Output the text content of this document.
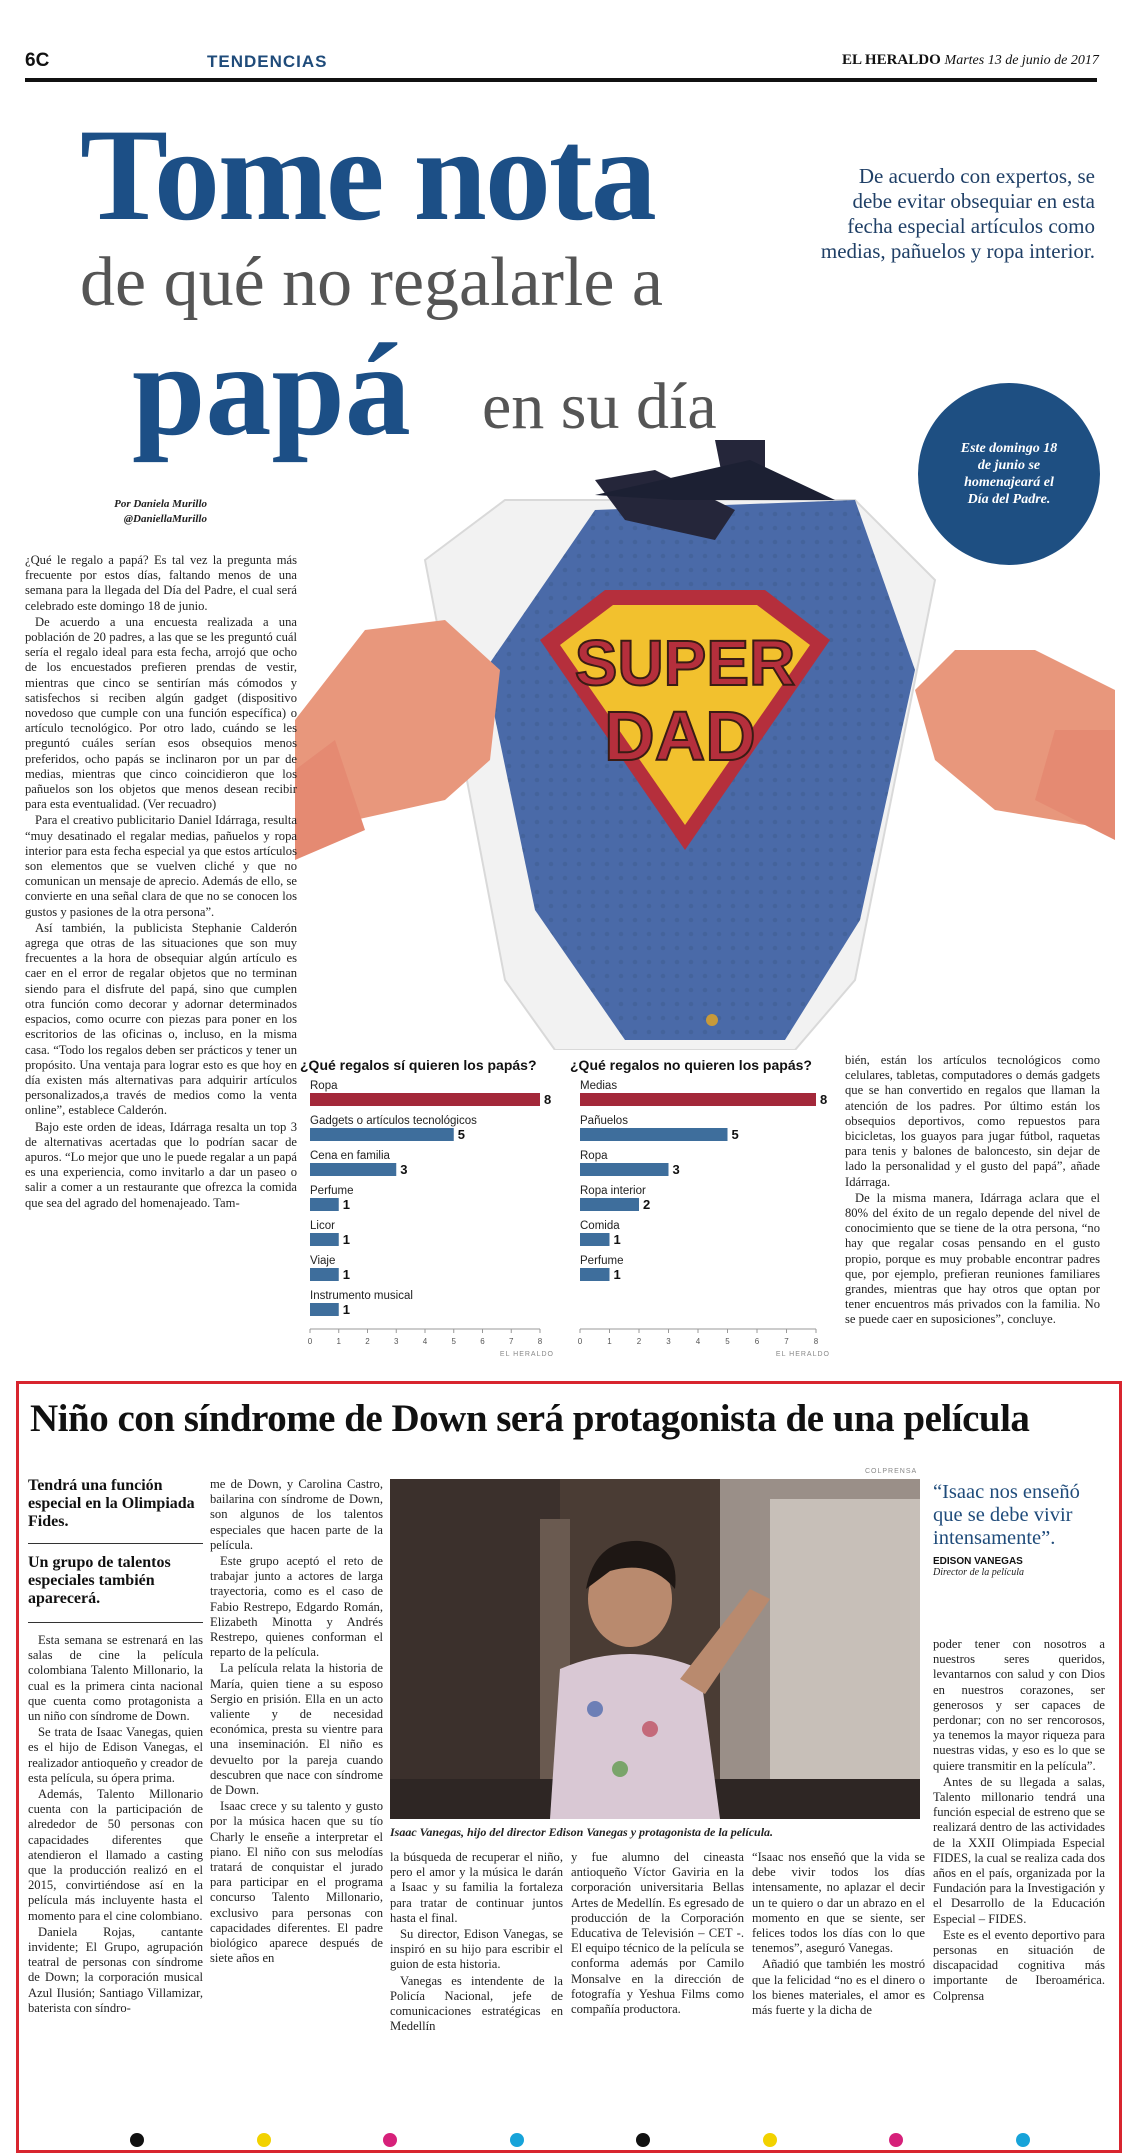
6C	TENDENCIAS	EL HERALDO Martes 13 de junio de 2017
Tome nota
de qué no regalarle a
papá en su día
De acuerdo con expertos, se debe evitar obsequiar en esta fecha especial artículos como medias, pañuelos y ropa interior.
Este domingo 18 de junio se homenajeará el Día del Padre.
Por Daniela Murillo
@DaniellaMurillo
SUPER
DAD

¿Qué le regalo a papá? Es tal vez la pregunta más frecuente por estos días, faltando menos de una semana para la llegada del Día del Padre, el cual será celebrado este domingo 18 de junio.

De acuerdo a una encuesta realizada a una población de 20 padres, a las que se les preguntó cuál sería el regalo ideal para esta fecha, arrojó que ocho de los encuestados prefieren prendas de vestir, mientras que cinco se sentirían más cómodos y satisfechos si reciben algún gadget (dispositivo novedoso que cumple con una función específica) o artículo tecnológico. Por otro lado, cuándo se les preguntó cuáles serían esos obsequios menos preferidos, ocho papás se inclinaron por un par de medias, mientras que cinco coincidieron que los pañuelos son los objetos que menos desean recibir para esta eventualidad. (Ver recuadro)

Para el creativo publicitario Daniel Idárraga, resulta “muy desatinado el regalar medias, pañuelos y ropa interior para esta fecha especial ya que estos artículos son elementos que se vuelven cliché y que no comunican un mensaje de aprecio. Además de ello, se convierte en una señal clara de que no se conocen los gustos y pasiones de la otra persona”.

Así también, la publicista Stephanie Calderón agrega que otras de las situaciones que son muy frecuentes a la hora de obsequiar algún artículo es caer en el error de regalar objetos que no terminan siendo para el disfrute del papá, sino que cumplen otra función como decorar y adornar determinados espacios, como ocurre con piezas para poner en los escritorios de las oficinas o, incluso, en la misma casa. “Todo los regalos deben ser prácticos y tener un propósito. Una ventaja para lograr esto es que hoy en día existen más alternativas para adquirir artículos personalizados,a través de medios como la venta online”, establece Calderón.

Bajo este orden de ideas, Idárraga resalta un top 3 de alternativas acertadas que lo podrían sacar de apuros. “Lo mejor que uno le puede regalar a un papá es una experiencia, como invitarlo a dar un paseo o salir a comer a un restaurante que ofrezca la comida que sea del agrado del homenajeado. Tam-

bién, están los artículos tecnológicos como celulares, tabletas, computadores o demás gadgets que se han convertido en regalos que llaman la atención de los padres. Por último están los obsequios deportivos, como repuestos para bicicletas, los guayos para jugar fútbol, raquetas para tenis y balones de baloncesto, sin dejar de lado la personalidad y el gusto del papá”, añade Idárraga.

De la misma manera, Idárraga aclara que el 80% del éxito de un regalo depende del nivel de conocimiento que se tiene de la otra persona, “no hay que regalar cosas pensando en el gusto propio, porque es muy probable encontrar padres que, por ejemplo, prefieran reuniones familiares grandes, mientras que hay otros que optan por tener encuentros más privados con la familia. No se puede caer en suposiciones”, concluye.

¿Qué regalos sí quieren los papás?
Ropa
8
Gadgets o artículos tecnológicos
5
Cena en familia
3
Perfume
1
Licor
1
Viaje
1
Instrumento musical
1
0	1	2	3	4	5	6	7	8
EL HERALDO
¿Qué regalos no quieren los papás?
Medias
8
Pañuelos
5
Ropa
3
Ropa interior
2
Comida
1
Perfume
1
0	1	2	3	4	5	6	7	8
EL HERALDO
Niño con síndrome de Down será protagonista de una película
Tendrá una función especial en la Olimpiada Fides.
Un grupo de talentos especiales también aparecerá.

Esta semana se estrenará en las salas de cine la película colombiana Talento Millonario, la cual es la primera cinta nacional que cuenta como protagonista a un niño con síndrome de Down.

Se trata de Isaac Vanegas, quien es el hijo de Edison Vanegas, el realizador antioqueño y creador de esta película, su ópera prima.

Además, Talento Millonario cuenta con la participación de alrededor de 50 personas con capacidades diferentes que atendieron el llamado a casting que la producción realizó en el 2015, convirtiéndose así en la película más incluyente hasta el momento para el cine colombiano.

Daniela Rojas, cantante invidente; El Grupo, agrupación teatral de personas con síndrome de Down; la corporación musical Azul Ilusión; Santiago Villamizar, baterista con síndro-

me de Down, y Carolina Castro, bailarina con síndrome de Down, son algunos de los talentos especiales que hacen parte de la película.

Este grupo aceptó el reto de trabajar junto a actores de larga trayectoria, como es el caso de Fabio Restrepo, Edgardo Román, Elizabeth Minotta y Andrés Restrepo, quienes conforman el reparto de la película.

La película relata la historia de María, quien tiene a su esposo Sergio en prisión. Ella en un acto valiente y de necesidad económica, presta su vientre para una inseminación. El niño es devuelto por la pareja cuando descubren que nace con síndrome de Down.

Isaac crece y su talento y gusto por la música hacen que su tío Charly le enseñe a interpretar el piano. El niño con sus melodías tratará de conquistar el jurado para participar en el programa concurso Talento Millonario, exclusivo para personas con capacidades diferentes. El padre biológico aparece después de siete años en

COLPRENSA
Isaac Vanegas, hijo del director Edison Vanegas y protagonista de la película.
“Isaac nos enseñó que se debe vivir intensamente”.
EDISON VANEGAS
Director de la película

poder tener con nosotros a nuestros seres queridos, levantarnos con salud y con Dios en nuestros corazones, ser generosos y ser capaces de perdonar; con no ser rencorosos, ya tenemos la mayor riqueza para nuestras vidas, y eso es lo que se quiere transmitir en la película”.

Antes de su llegada a salas, Talento millonario tendrá una función especial de estreno que se realizará dentro de las actividades de la XXII Olimpiada Especial FIDES, la cual se realiza cada dos años en el país, organizada por la Fundación para la Investigación y el Desarrollo de la Educación Especial – FIDES.

Este es el evento deportivo para personas en situación de discapacidad cognitiva más importante de Iberoamérica. Colprensa

la búsqueda de recuperar el niño, pero el amor y la música le darán a Isaac y su familia la fortaleza para tratar de continuar juntos hasta el final.

Su director, Edison Vanegas, se inspiró en su hijo para escribir el guion de esta historia.

Vanegas es intendente de la Policía Nacional, jefe de comunicaciones estratégicas en Medellín

y fue alumno del cineasta antioqueño Víctor Gaviria en la corporación universitaria Bellas Artes de Medellín. Es egresado de producción de la Corporación Educativa de Televisión – CET -. El equipo técnico de la película se conforma además por Camilo Monsalve en la dirección de fotografía y Yeshua Films como compañía productora.

“Isaac nos enseñó que la vida se debe vivir todos los días intensamente, no aplazar el decir un te quiero o dar un abrazo en el momento en que se siente, ser felices todos los días con lo que tenemos”, aseguró Vanegas.

Añadió que también les mostró que la felicidad “no es el dinero o los bienes materiales, el amor es más fuerte y la dicha de
